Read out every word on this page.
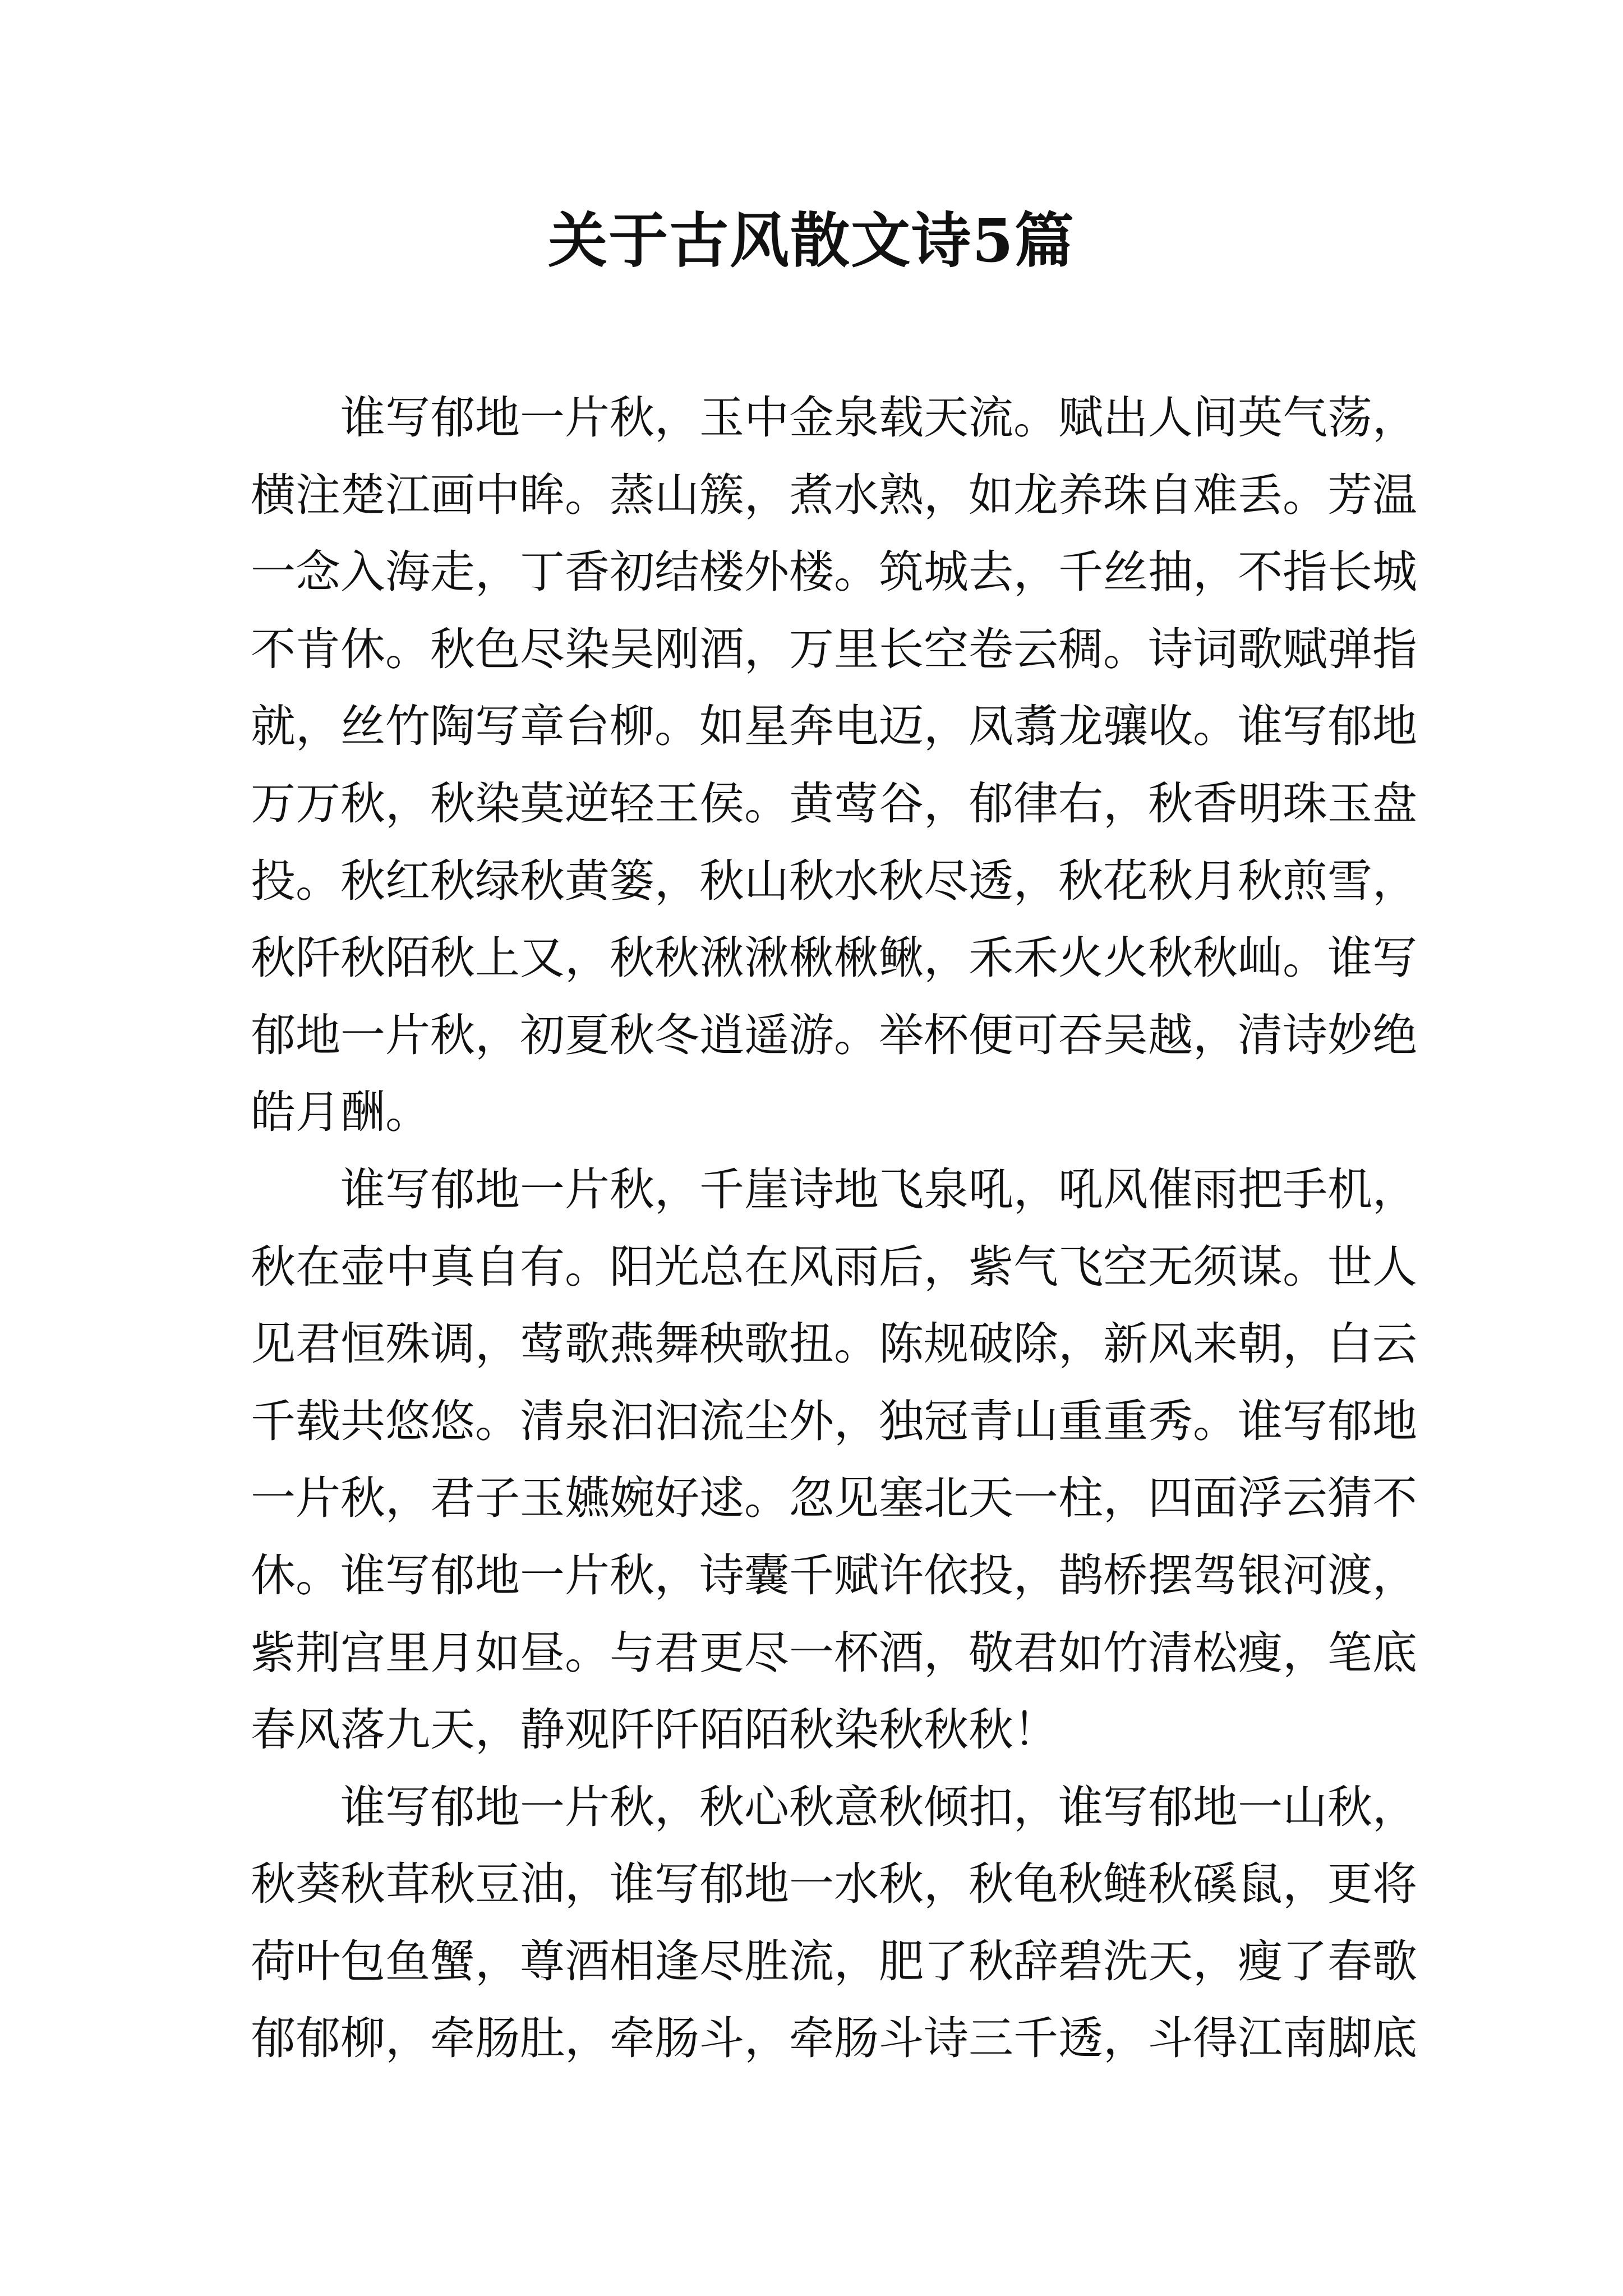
关于古风散文诗5篇
谁写郁地一片秋，玉中金泉载天流。赋出人间英气荡，
横注楚江画中眸。蒸山簇，煮水熟，如龙养珠自难丢。芳温
一念入海走，丁香初结楼外楼。筑城去，千丝抽，不指长城
不肯休。秋色尽染吴刚酒，万里长空卷云稠。诗词歌赋弹指
就，丝竹陶写章台柳。如星奔电迈，凤翥龙骧收。谁写郁地
万万秋，秋染莫逆轻王侯。黄莺谷，郁律右，秋香明珠玉盘
投。秋红秋绿秋黄篓，秋山秋水秋尽透，秋花秋月秋煎雪，
秋阡秋陌秋上又，秋秋湫湫楸楸鳅，禾禾火火秋秋屾。谁写
郁地一片秋，初夏秋冬逍遥游。举杯便可吞吴越，清诗妙绝
皓月酬。
谁写郁地一片秋，千崖诗地飞泉吼，吼风催雨把手机，
秋在壶中真自有。阳光总在风雨后，紫气飞空无须谋。世人
见君恒殊调，莺歌燕舞秧歌扭。陈规破除，新风来朝，白云
千载共悠悠。清泉汩汩流尘外，独冠青山重重秀。谁写郁地
一片秋，君子玉嬿婉好逑。忽见塞北天一柱，四面浮云猜不
休。谁写郁地一片秋，诗囊千赋许依投，鹊桥摆驾银河渡，
紫荆宫里月如昼。与君更尽一杯酒，敬君如竹清松瘦，笔底
春风落九天，静观阡阡陌陌秋染秋秋秋！
谁写郁地一片秋，秋心秋意秋倾扣，谁写郁地一山秋，
秋葵秋茸秋豆油，谁写郁地一水秋，秋龟秋鲢秋磎鼠，更将
荷叶包鱼蟹，尊酒相逢尽胜流，肥了秋辞碧洗天，瘦了春歌
郁郁柳，牵肠肚，牵肠斗，牵肠斗诗三千透，斗得江南脚底
